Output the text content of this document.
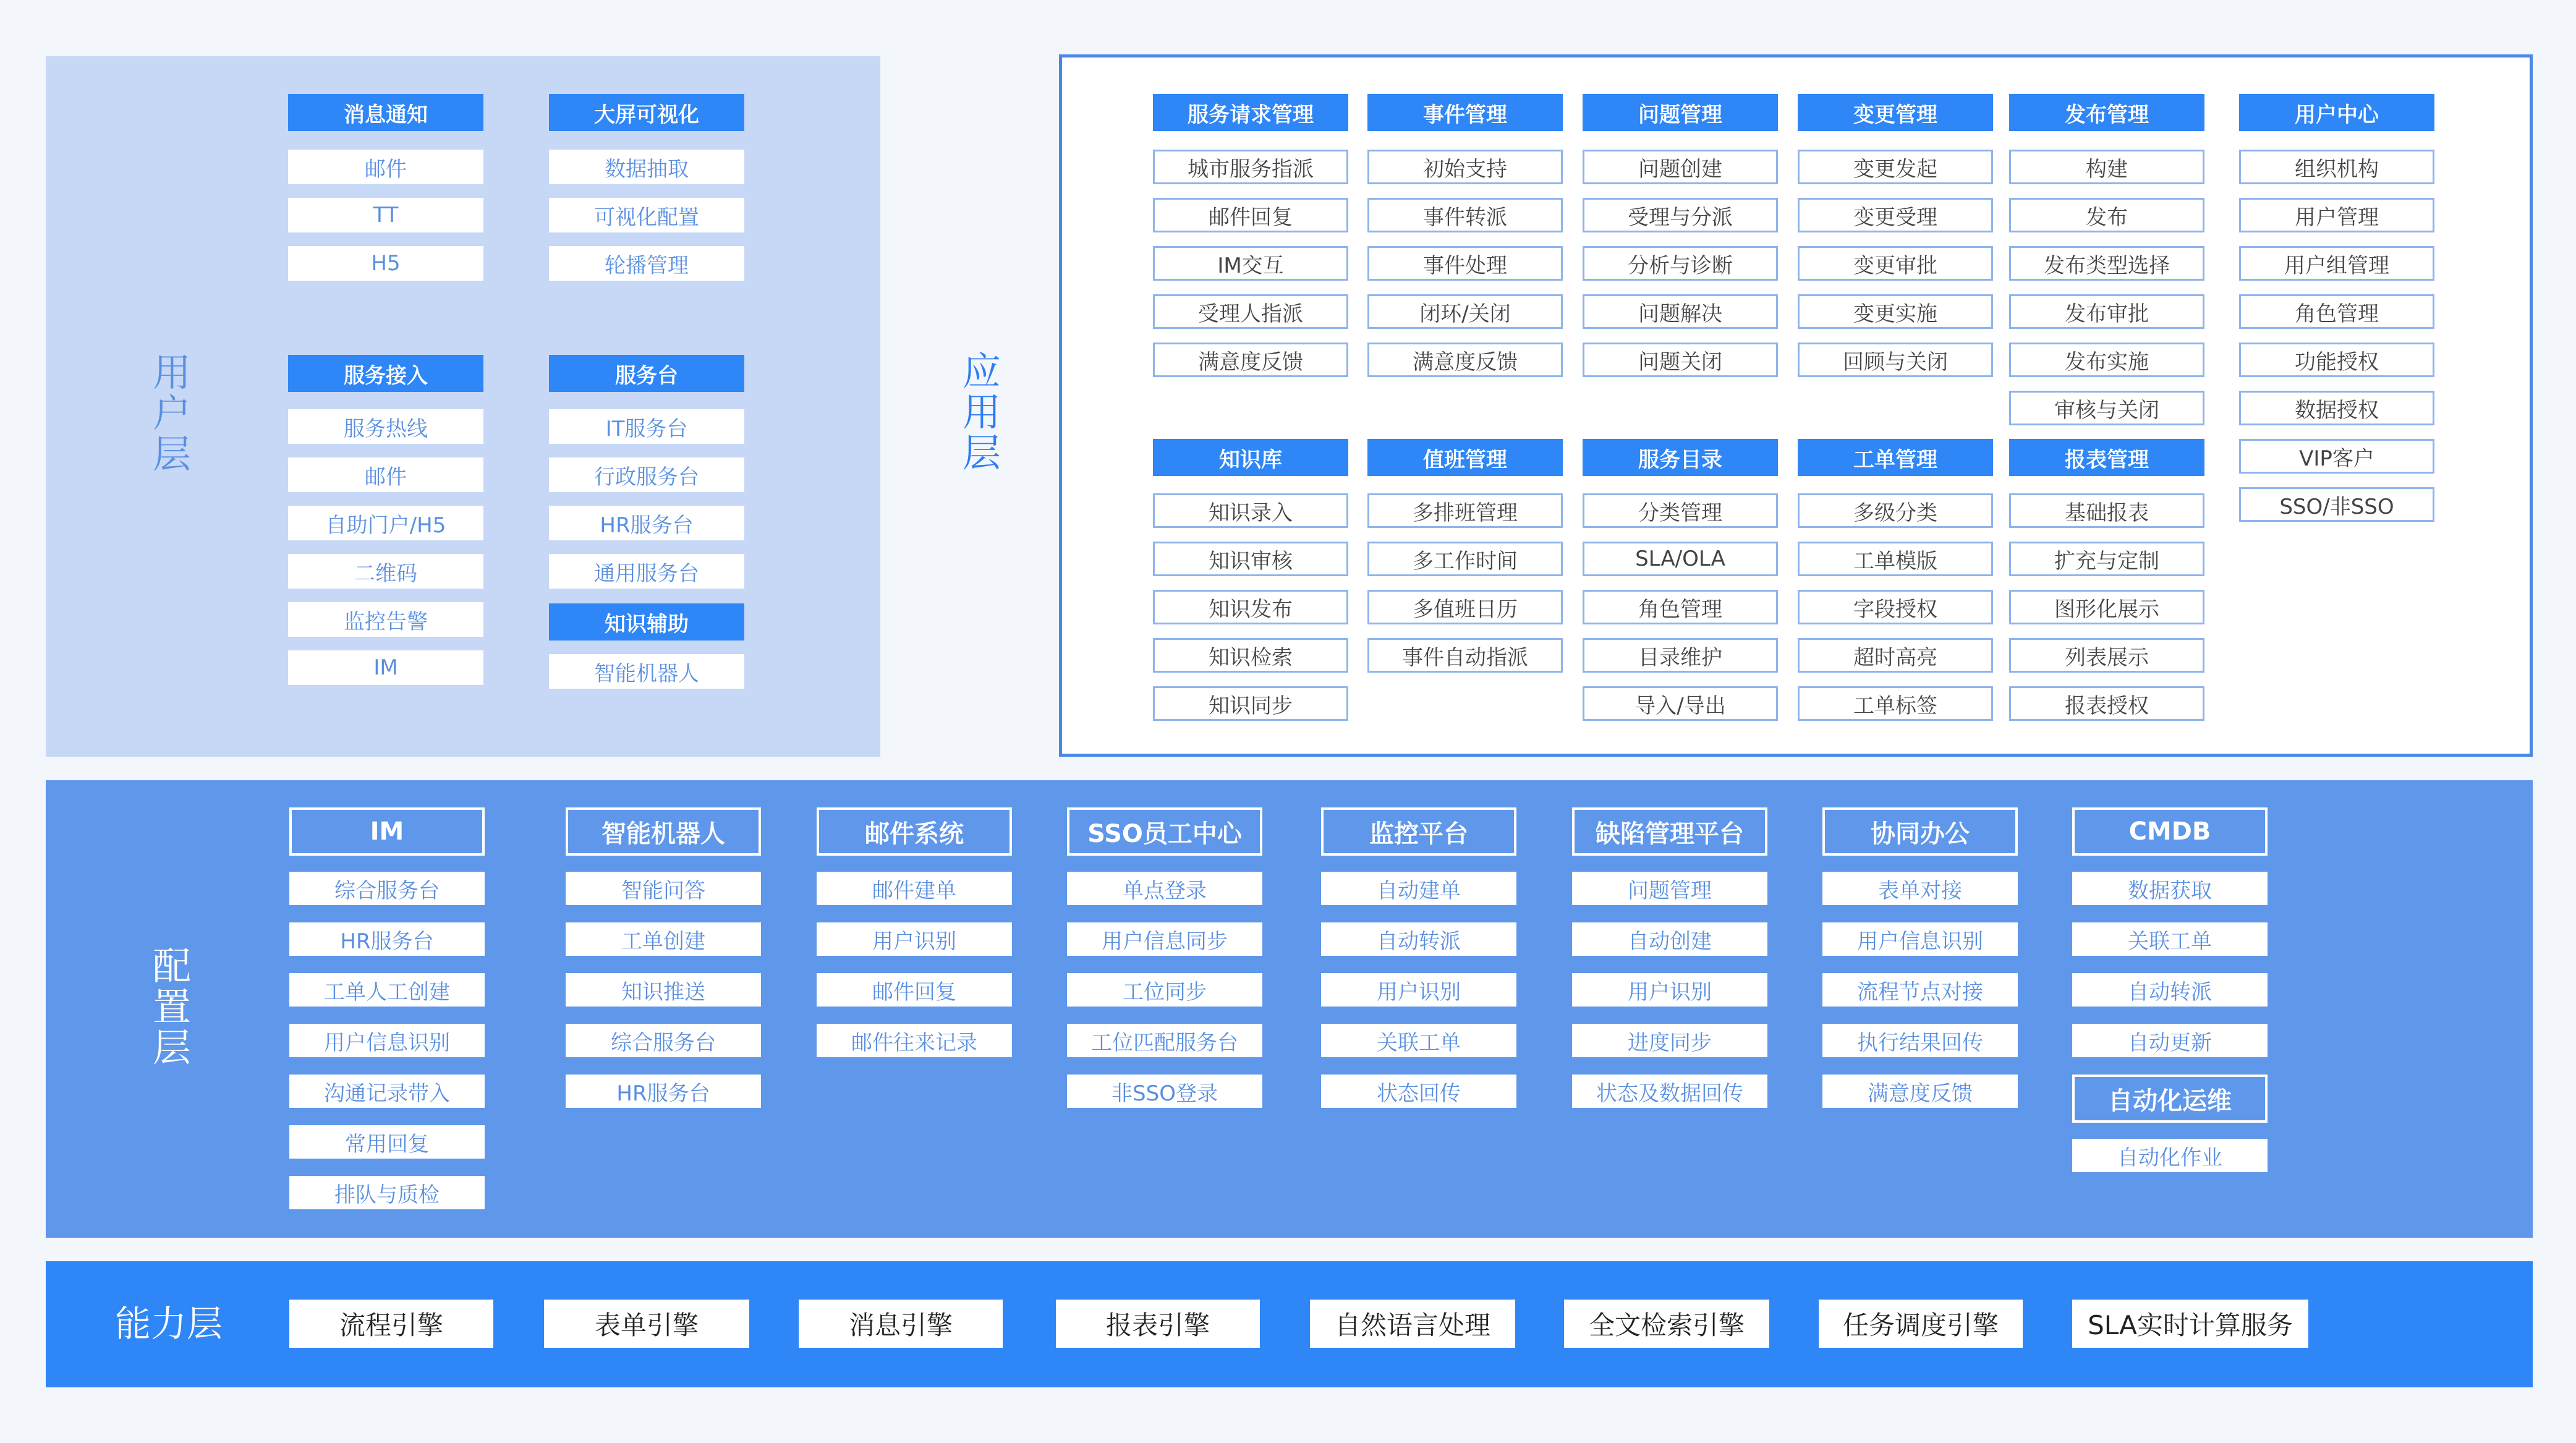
用
户
层
应
用
层
配
置
层
能力层
消息通知
邮件
TT
H5
大屏可视化
数据抽取
可视化配置
轮播管理
服务接入
服务热线
邮件
自助门户/H5
二维码
监控告警
IM
服务台
IT服务台
行政服务台
HR服务台
通用服务台
知识辅助
智能机器人
服务请求管理
城市服务指派
邮件回复
IM交互
受理人指派
满意度反馈
事件管理
初始支持
事件转派
事件处理
闭环/关闭
满意度反馈
问题管理
问题创建
受理与分派
分析与诊断
问题解决
问题关闭
变更管理
变更发起
变更受理
变更审批
变更实施
回顾与关闭
发布管理
构建
发布
发布类型选择
发布审批
发布实施
审核与关闭
用户中心
组织机构
用户管理
用户组管理
角色管理
功能授权
数据授权
VIP客户
SSO/非SSO
知识库
知识录入
知识审核
知识发布
知识检索
知识同步
值班管理
多排班管理
多工作时间
多值班日历
事件自动指派
服务目录
分类管理
SLA/OLA
角色管理
目录维护
导入/导出
工单管理
多级分类
工单模版
字段授权
超时高亮
工单标签
报表管理
基础报表
扩充与定制
图形化展示
列表展示
报表授权
IM
综合服务台
HR服务台
工单人工创建
用户信息识别
沟通记录带入
常用回复
排队与质检
智能机器人
智能问答
工单创建
知识推送
综合服务台
HR服务台
邮件系统
邮件建单
用户识别
邮件回复
邮件往来记录
SSO员工中心
单点登录
用户信息同步
工位同步
工位匹配服务台
非SSO登录
监控平台
自动建单
自动转派
用户识别
关联工单
状态回传
缺陷管理平台
问题管理
自动创建
用户识别
进度同步
状态及数据回传
协同办公
表单对接
用户信息识别
流程节点对接
执行结果回传
满意度反馈
CMDB
数据获取
关联工单
自动转派
自动更新
自动化运维
自动化作业
流程引擎	表单引擎	消息引擎	报表引擎	自然语言处理	全文检索引擎	任务调度引擎	SLA实时计算服务
